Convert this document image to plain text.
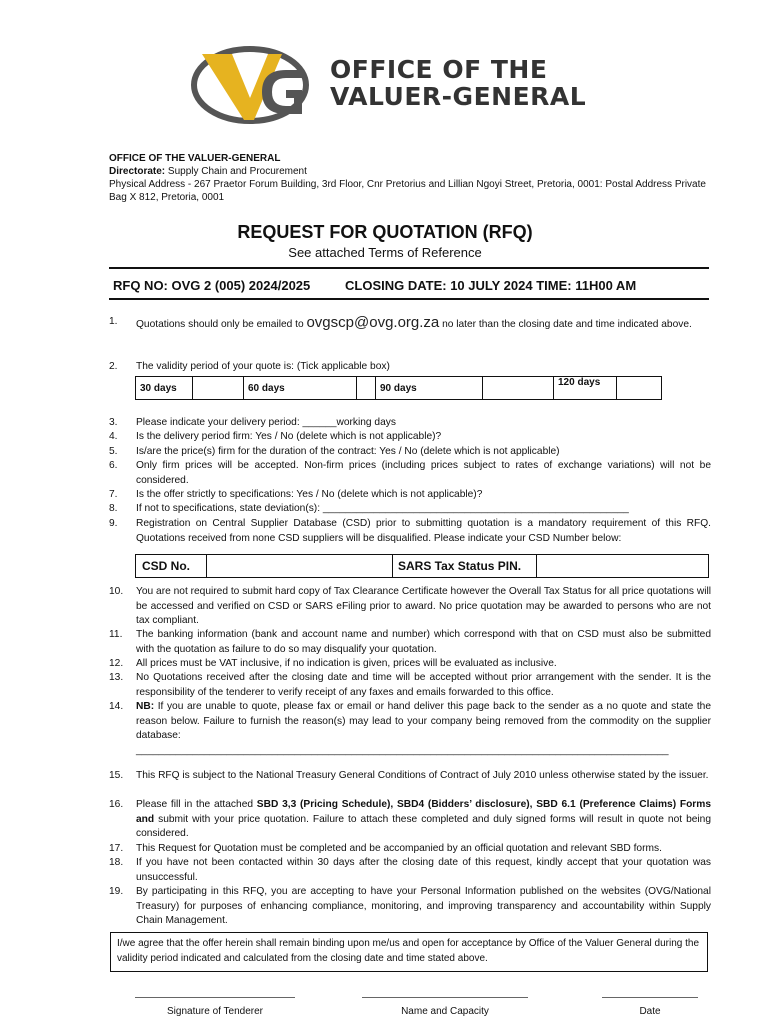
OFFICE OF THE
VALUER-GENERAL
OFFICE OF THE VALUER-GENERAL
Directorate: Supply Chain and Procurement
Physical Address - 267 Praetor Forum Building, 3rd Floor, Cnr Pretorius and Lillian Ngoyi Street, Pretoria, 0001: Postal Address Private Bag X 812, Pretoria, 0001
REQUEST FOR QUOTATION (RFQ)
See attached Terms of Reference
RFQ NO: OVG 2 (005) 2024/2025	CLOSING DATE: 10 JULY 2024 TIME: 11H00 AM
1.	Quotations should only be emailed to ovgscp@ovg.org.za no later than the closing date and time indicated above.
2.	The validity period of your quote is: (Tick applicable box)
30 days		60 days		90 days		120 days	
3.	Please indicate your delivery period: ______working days
4.	Is the delivery period firm: Yes / No (delete which is not applicable)?
5.	Is/are the price(s) firm for the duration of the contract: Yes / No (delete which is not applicable)
6.	Only firm prices will be accepted. Non-firm prices (including prices subject to rates of exchange variations) will not be considered.
7.	Is the offer strictly to specifications: Yes / No (delete which is not applicable)?
8.	If not to specifications, state deviation(s): ______________________________________________________
9.	Registration on Central Supplier Database (CSD) prior to submitting quotation is a mandatory requirement of this RFQ. Quotations received from none CSD suppliers will be disqualified. Please indicate your CSD Number below:
CSD No.	SARS Tax Status PIN.
10.	You are not required to submit hard copy of Tax Clearance Certificate however the Overall Tax Status for all price quotations will be accessed and verified on CSD or SARS eFiling prior to award. No price quotation may be awarded to persons who are not tax compliant.
11.	The banking information (bank and account name and number) which correspond with that on CSD must also be submitted with the quotation as failure to do so may disqualify your quotation.
12.	All prices must be VAT inclusive, if no indication is given, prices will be evaluated as inclusive.
13.	No Quotations received after the closing date and time will be accepted without prior arrangement with the sender. It is the responsibility of the tenderer to verify receipt of any faxes and emails forwarded to this office.
14.	NB: If you are unable to quote, please fax or email or hand deliver this page back to the sender as a no quote and state the reason below. Failure to furnish the reason(s) may lead to your company being removed from the commodity on the supplier database:
______________________________________________________________________________________________
15.	This RFQ is subject to the National Treasury General Conditions of Contract of July 2010 unless otherwise stated by the issuer.
16.	Please fill in the attached SBD 3,3 (Pricing Schedule), SBD4 (Bidders’ disclosure), SBD 6.1 (Preference Claims) Forms and submit with your price quotation. Failure to attach these completed and duly signed forms will result in quote not being considered.
17.	This Request for Quotation must be completed and be accompanied by an official quotation and relevant SBD forms.
18.	If you have not been contacted within 30 days after the closing date of this request, kindly accept that your quotation was unsuccessful.
19.	By participating in this RFQ, you are accepting to have your Personal Information published on the websites (OVG/National Treasury) for purposes of enhancing compliance, monitoring, and improving transparency and accountability within Supply Chain Management.
I/we agree that the offer herein shall remain binding upon me/us and open for acceptance by Office of the Valuer General during the validity period indicated and calculated from the closing date and time stated above.
Signature of Tenderer	Name and Capacity	Date
